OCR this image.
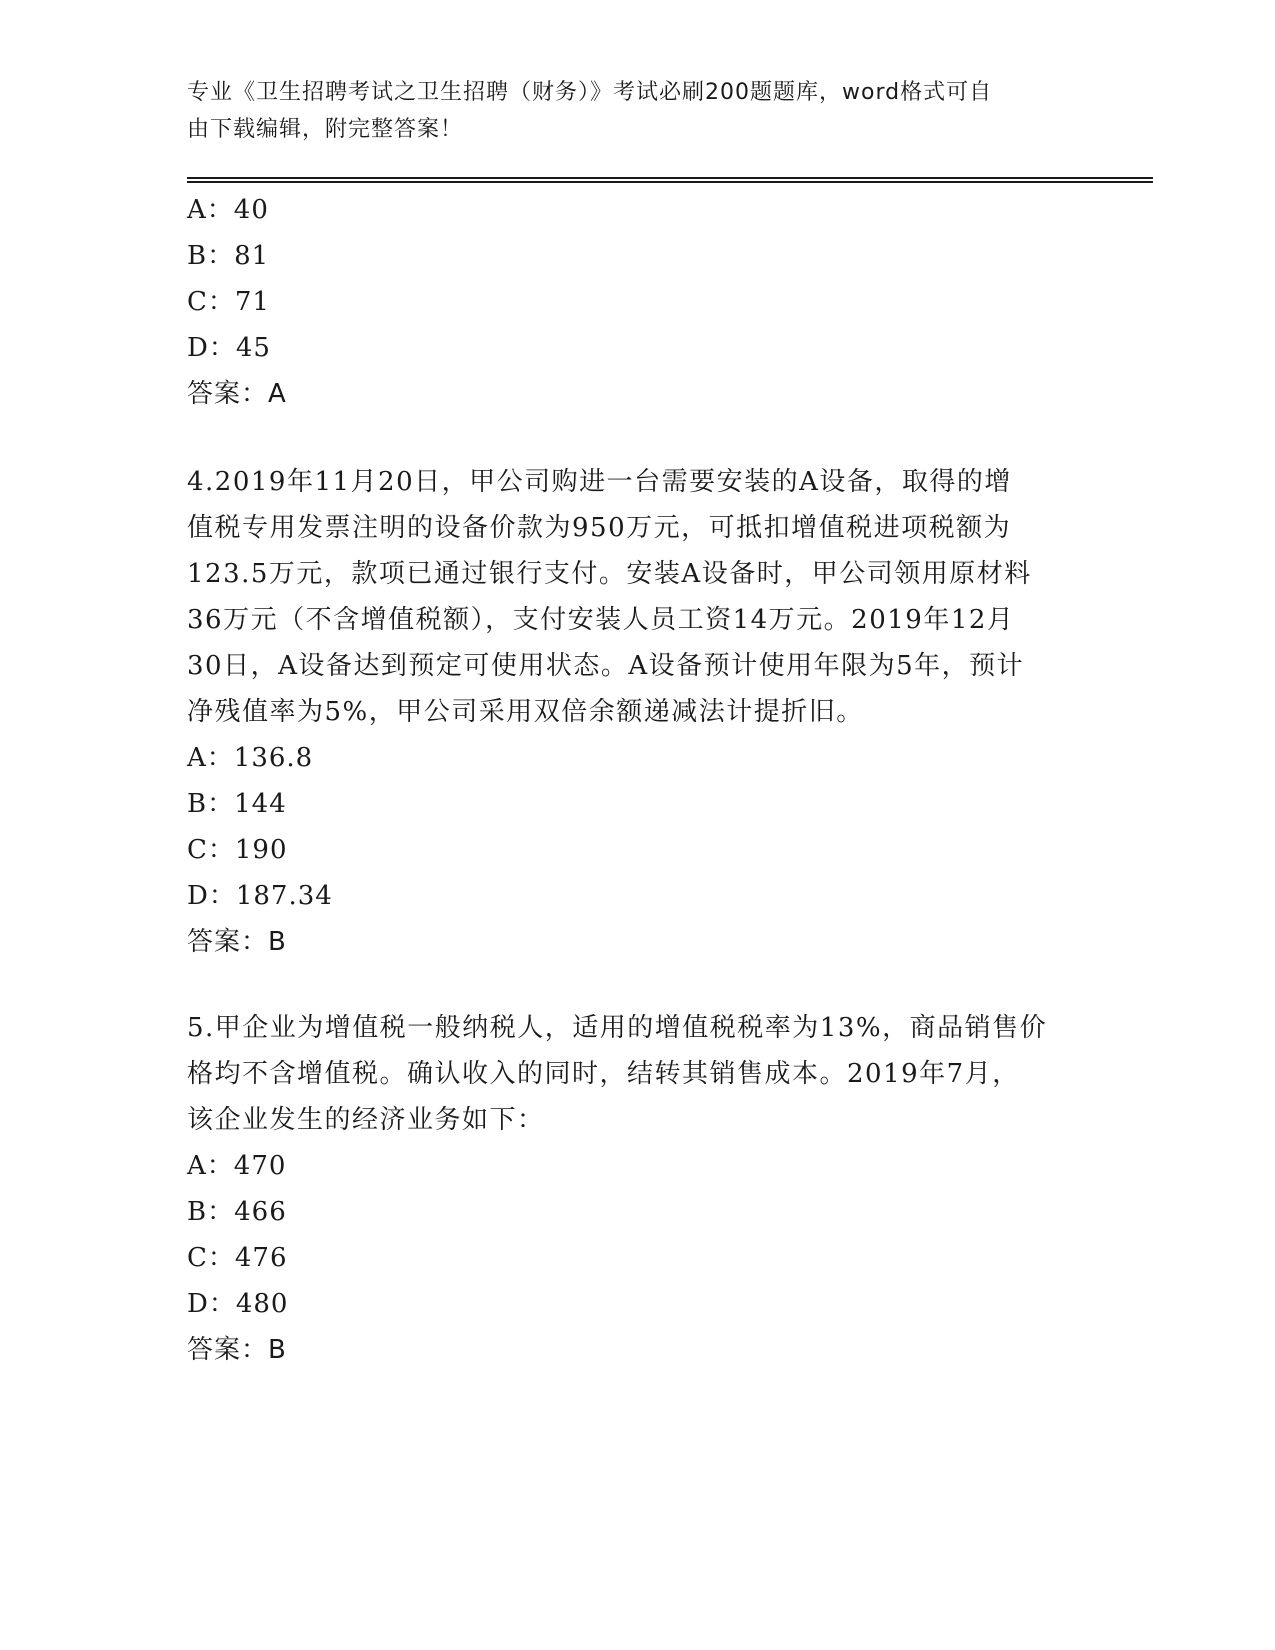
专业《卫生招聘考试之卫生招聘（财务）》考试必刷200题题库，word格式可自
由下载编辑，附完整答案！
A：40
B：81
C：71
D：45
答案：A
4.2019年11月20日，甲公司购进一台需要安装的A设备，取得的增
值税专用发票注明的设备价款为950万元，可抵扣增值税进项税额为
123.5万元，款项已通过银行支付。安装A设备时，甲公司领用原材料
36万元（不含增值税额），支付安装人员工资14万元。2019年12月
30日，A设备达到预定可使用状态。A设备预计使用年限为5年，预计
净残值率为5%，甲公司采用双倍余额递减法计提折旧。
A：136.8
B：144
C：190
D：187.34
答案：B
5.甲企业为增值税一般纳税人，适用的增值税税率为13%，商品销售价
格均不含增值税。确认收入的同时，结转其销售成本。2019年7月，
该企业发生的经济业务如下：
A：470
B：466
C：476
D：480
答案：B
